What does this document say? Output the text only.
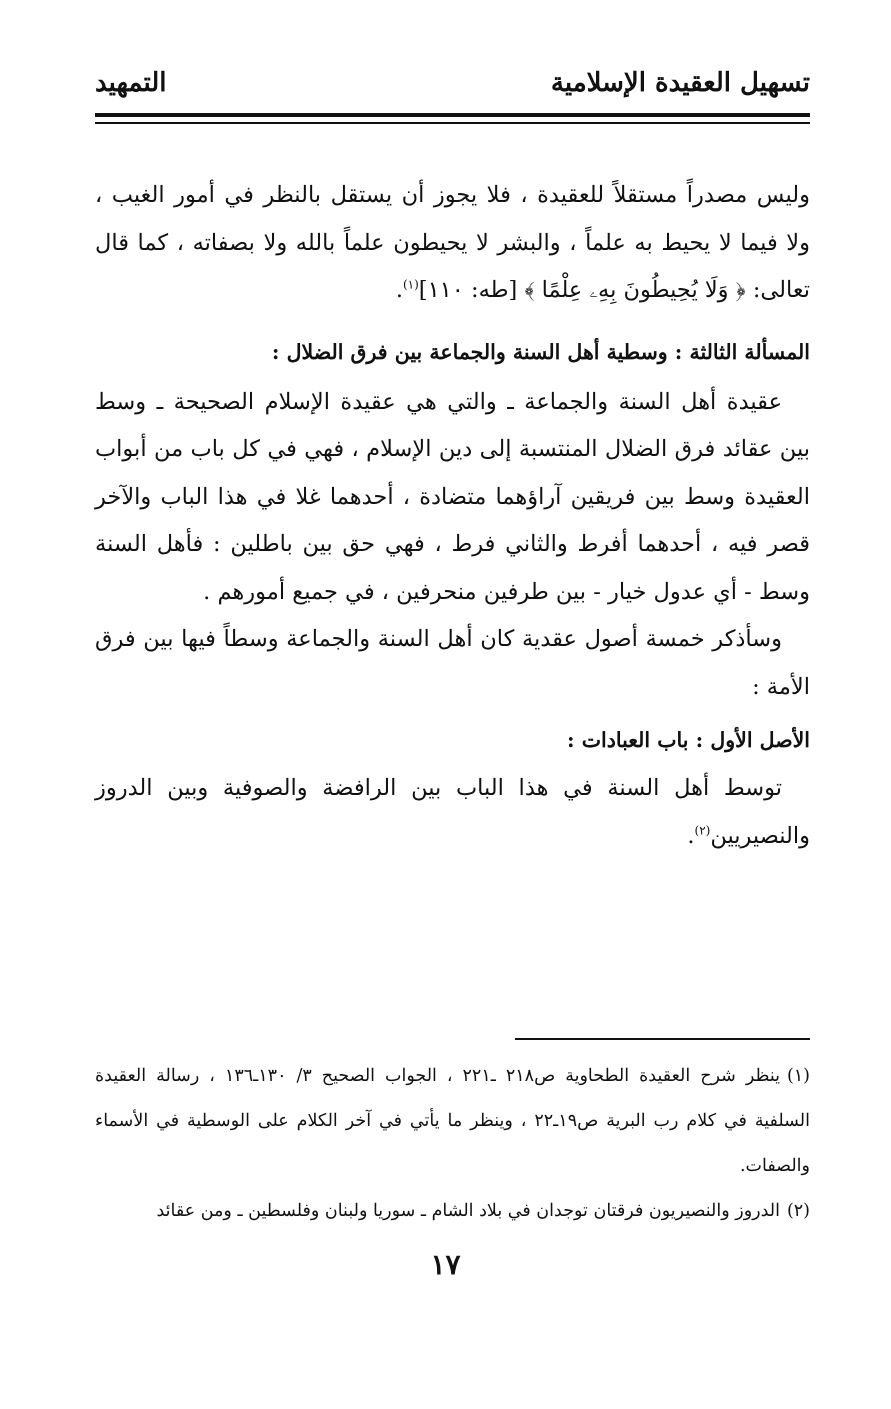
تسهيل العقيدة الإسلامية
التمهيد

وليس مصدراً مستقلاً للعقيدة ، فلا يجوز أن يستقل بالنظر في أمور الغيب ، ولا فيما لا يحيط به علماً ، والبشر لا يحيطون علماً بالله ولا بصفاته ، كما قال تعالى: ﴿ وَلَا يُحِيطُونَ بِهِۦ عِلْمًا ﴾ [طه: ١١٠]$^{(١)}$.

المسألة الثالثة : وسطية أهل السنة والجماعة بين فرق الضلال :

عقيدة أهل السنة والجماعة ـ والتي هي عقيدة الإسلام الصحيحة ـ وسط بين عقائد فرق الضلال المنتسبة إلى دين الإسلام ، فهي في كل باب من أبواب العقيدة وسط بين فريقين آراؤهما متضادة ، أحدهما غلا في هذا الباب والآخر قصر فيه ، أحدهما أفرط والثاني فرط ، فهي حق بين باطلين : فأهل السنة وسط - أي عدول خيار - بين طرفين منحرفين ، في جميع أمورهم .

وسأذكر خمسة أصول عقدية كان أهل السنة والجماعة وسطاً فيها بين فرق الأمة :

الأصل الأول : باب العبادات :

توسط أهل السنة في هذا الباب بين الرافضة والصوفية وبين الدروز والنصيريين$^{(٢)}$.

(١)ينظر شرح العقيدة الطحاوية ص٢١٨ ـ٢٢١ ، الجواب الصحيح ٣/ ١٣٠ـ١٣٦ ، رسالة العقيدة السلفية في كلام رب البرية ص١٩ـ٢٢ ، وينظر ما يأتي في آخر الكلام على الوسطية في الأسماء والصفات.

(٢)الدروز والنصيريون فرقتان توجدان في بلاد الشام ـ سوريا ولبنان وفلسطين ـ ومن عقائد

١٧
